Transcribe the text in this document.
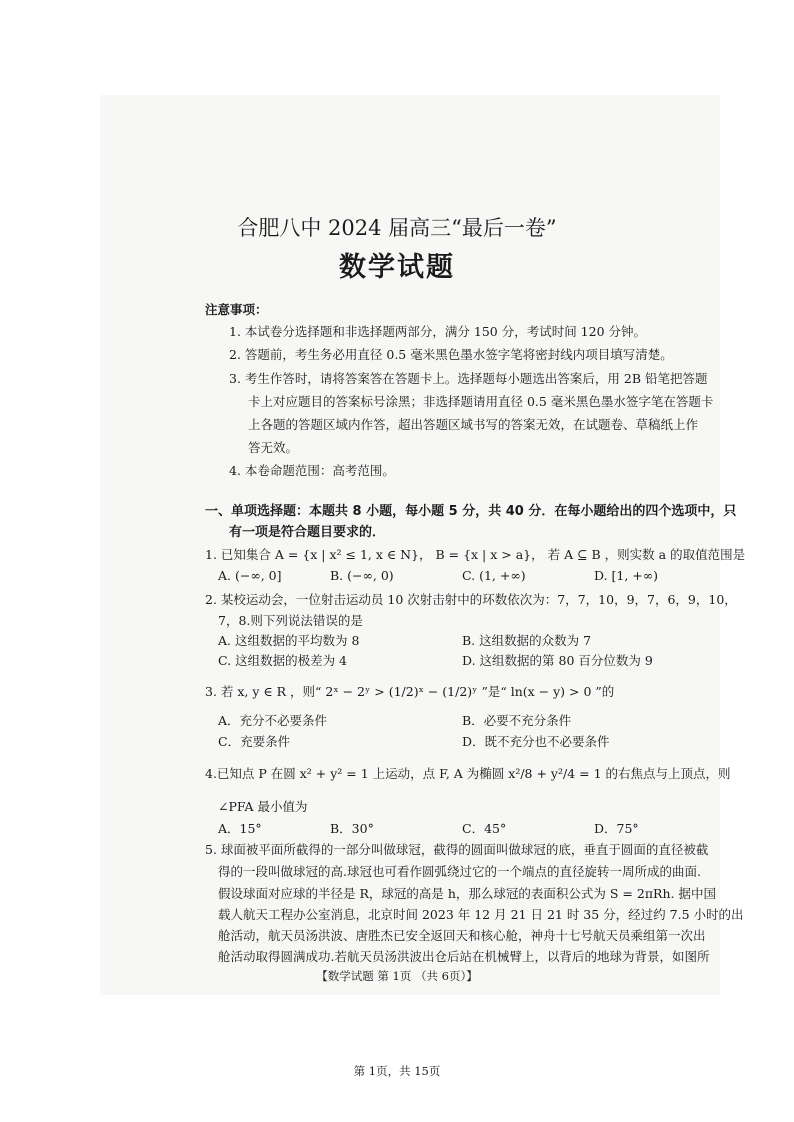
合肥八中 2024 届高三“最后一卷”
数学试题
注意事项：
1. 本试卷分选择题和非选择题两部分，满分 150 分，考试时间 120 分钟。
2. 答题前，考生务必用直径 0.5 毫米黑色墨水签字笔将密封线内项目填写清楚。
3. 考生作答时，请将答案答在答题卡上。选择题每小题选出答案后，用 2B 铅笔把答题
卡上对应题目的答案标号涂黑；非选择题请用直径 0.5 毫米黑色墨水签字笔在答题卡
上各题的答题区域内作答，超出答题区域书写的答案无效，在试题卷、草稿纸上作
答无效。
4. 本卷命题范围：高考范围。
一、单项选择题：本题共 8 小题，每小题 5 分，共 40 分．在每小题给出的四个选项中，只
有一项是符合题目要求的．
1. 已知集合 A = {x | x² ≤ 1, x ∈ N}， B = {x | x > a}， 若 A ⊆ B ，则实数 a 的取值范围是
A. (−∞, 0]	B. (−∞, 0)	C. (1, +∞)	D. [1, +∞)
2. 某校运动会，一位射击运动员 10 次射击射中的环数依次为：7，7，10，9，7，6，9，10，
7，8.则下列说法错误的是
A. 这组数据的平均数为 8	B. 这组数据的众数为 7
C. 这组数据的极差为 4	D. 这组数据的第 80 百分位数为 9
3. 若 x, y ∈ R ，则“ 2ˣ − 2ʸ > (1/2)ˣ − (1/2)ʸ ”是“ ln(x − y) > 0 ”的
A．充分不必要条件	B．必要不充分条件
C．充要条件	D．既不充分也不必要条件
4.已知点 P 在圆 x² + y² = 1 上运动，点 F, A 为椭圆 x²/8 + y²/4 = 1 的右焦点与上顶点，则
∠PFA 最小值为
A．15°	B．30°	C．45°	D．75°
5. 球面被平面所截得的一部分叫做球冠，截得的圆面叫做球冠的底，垂直于圆面的直径被截
得的一段叫做球冠的高.球冠也可看作圆弧绕过它的一个端点的直径旋转一周所成的曲面.
假设球面对应球的半径是 R，球冠的高是 h，那么球冠的表面积公式为 S = 2πRh. 据中国
载人航天工程办公室消息，北京时间 2023 年 12 月 21 日 21 时 35 分，经过约 7.5 小时的出
舱活动，航天员汤洪波、唐胜杰已安全返回天和核心舱，神舟十七号航天员乘组第一次出
舱活动取得圆满成功.若航天员汤洪波出仓后站在机械臂上，以背后的地球为背景，如图所
【数学试题 第 1页 （共 6页）】
第 1页，共 15页
